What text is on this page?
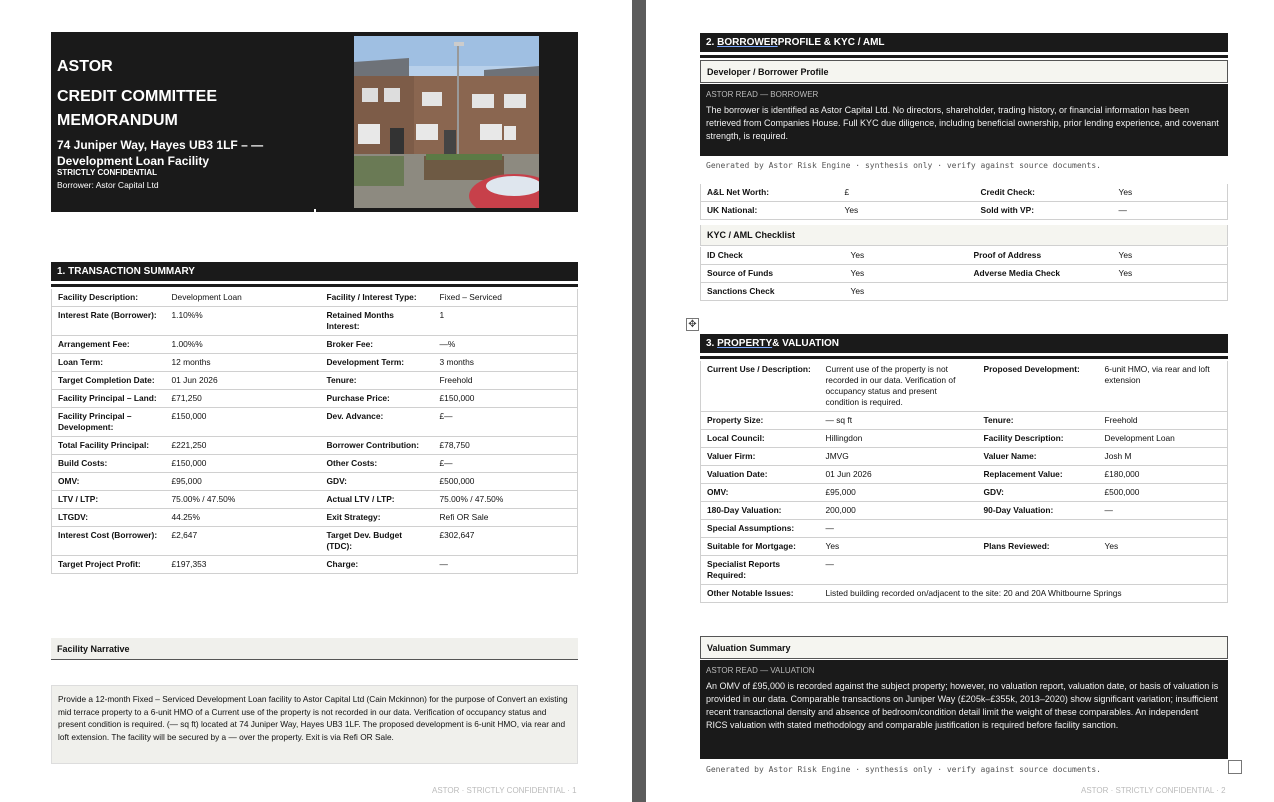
ASTOR
CREDIT COMMITTEE MEMORANDUM
74 Juniper Way, Hayes UB3 1LF – — Development Loan Facility
STRICTLY CONFIDENTIAL
Borrower: Astor Capital Ltd
1.
TRANSACTION SUMMARY
Facility Description:	Development Loan	Facility / Interest Type:	Fixed – Serviced
Interest Rate (Borrower):	1.10%%	Retained Months Interest:	1
Arrangement Fee:	1.00%%	Broker Fee:	—%
Loan Term:	12 months	Development Term:	3 months
Target Completion Date:	01 Jun 2026	Tenure:	Freehold
Facility Principal – Land:	£71,250	Purchase Price:	£150,000
Facility Principal – Development:	£150,000	Dev. Advance:	£—
Total Facility Principal:	£221,250	Borrower Contribution:	£78,750
Build Costs:	£150,000	Other Costs:	£—
OMV:	£95,000	GDV:	£500,000
LTV / LTP:	75.00% / 47.50%	Actual LTV / LTP:	75.00% / 47.50%
LTGDV:	44.25%	Exit Strategy:	Refi OR Sale
Interest Cost (Borrower):	£2,647	Target Dev. Budget (TDC):	£302,647
Target Project Profit:	£197,353	Charge:	—
Facility Narrative
Provide a 12-month Fixed – Serviced Development Loan facility to Astor Capital Ltd (Cain Mckinnon) for the purpose of Convert an existing mid terrace property to a 6-unit HMO of a Current use of the property is not recorded in our data. Verification of occupancy status and present condition is required. (— sq ft) located at 74 Juniper Way, Hayes UB3 1LF. The proposed development is 6-unit HMO, via rear and loft extension. The facility will be secured by a — over the property. Exit is via Refi OR Sale.
ASTOR · STRICTLY CONFIDENTIAL · 1
✥
2.
BORROWER PROFILE & KYC / AML
Developer / Borrower Profile
ASTOR READ — BORROWER
The borrower is identified as Astor Capital Ltd. No directors, shareholder, trading history, or financial information has been retrieved from Companies House. Full KYC due diligence, including beneficial ownership, prior lending experience, and covenant strength, is required.
Generated by Astor Risk Engine · synthesis only · verify against source documents.
A&L Net Worth:	£	Credit Check:	Yes
UK National:	Yes	Sold with VP:	—
KYC / AML Checklist
ID Check	Yes	Proof of Address	Yes
Source of Funds	Yes	Adverse Media Check	Yes
Sanctions Check	Yes		
3.
PROPERTY & VALUATION
Current Use / Description:	Current use of the property is not recorded in our data. Verification of occupancy status and present condition is required.	Proposed Development:	6-unit HMO, via rear and loft extension
Property Size:	— sq ft	Tenure:	Freehold
Local Council:	Hillingdon	Facility Description:	Development Loan
Valuer Firm:	JMVG	Valuer Name:	Josh M
Valuation Date:	01 Jun 2026	Replacement Value:	£180,000
OMV:	£95,000	GDV:	£500,000
180-Day Valuation:	200,000	90-Day Valuation:	—
Special Assumptions:	—		
Suitable for Mortgage:	Yes	Plans Reviewed:	Yes
Specialist Reports Required:	—		
Other Notable Issues:	Listed building recorded on/adjacent to the site: 20 and 20A Whitbourne Springs		
Valuation Summary
ASTOR READ — VALUATION
An OMV of £95,000 is recorded against the subject property; however, no valuation report, valuation date, or basis of valuation is provided in our data. Comparable transactions on Juniper Way (£205k–£355k, 2013–2020) show significant variation; insufficient recent transactional density and absence of bedroom/condition detail limit the weight of these comparables. An independent RICS valuation with stated methodology and comparable justification is required before facility sanction.
Generated by Astor Risk Engine · synthesis only · verify against source documents.
ASTOR · STRICTLY CONFIDENTIAL · 2
